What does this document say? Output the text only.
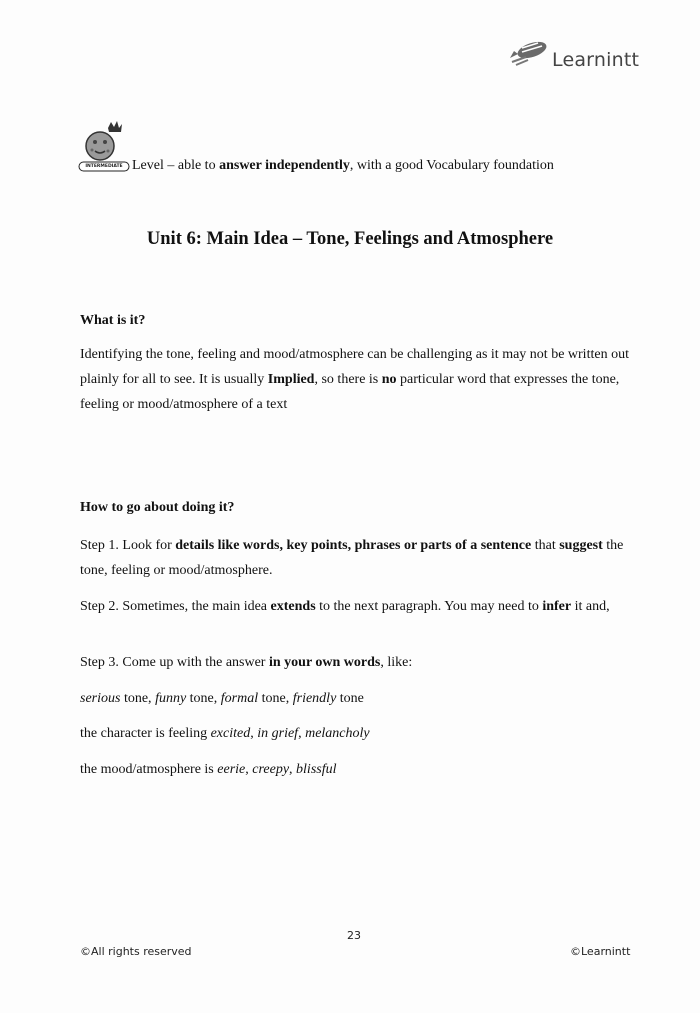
Learnintt
INTERMEDIATE Level – able to answer independently, with a good Vocabulary foundation
Unit 6: Main Idea – Tone, Feelings and Atmosphere
What is it?
Identifying the tone, feeling and mood/atmosphere can be challenging as it may not be written out plainly for all to see. It is usually Implied, so there is no particular word that expresses the tone, feeling or mood/atmosphere of a text
How to go about doing it?
Step 1. Look for details like words, key points, phrases or parts of a sentence that suggest the tone, feeling or mood/atmosphere.
Step 2. Sometimes, the main idea extends to the next paragraph. You may need to infer it and,
Step 3. Come up with the answer in your own words, like:
serious tone, funny tone, formal tone, friendly tone
the character is feeling excited, in grief, melancholy
the mood/atmosphere is eerie, creepy, blissful
23
©All rights reserved	©Learnintt
